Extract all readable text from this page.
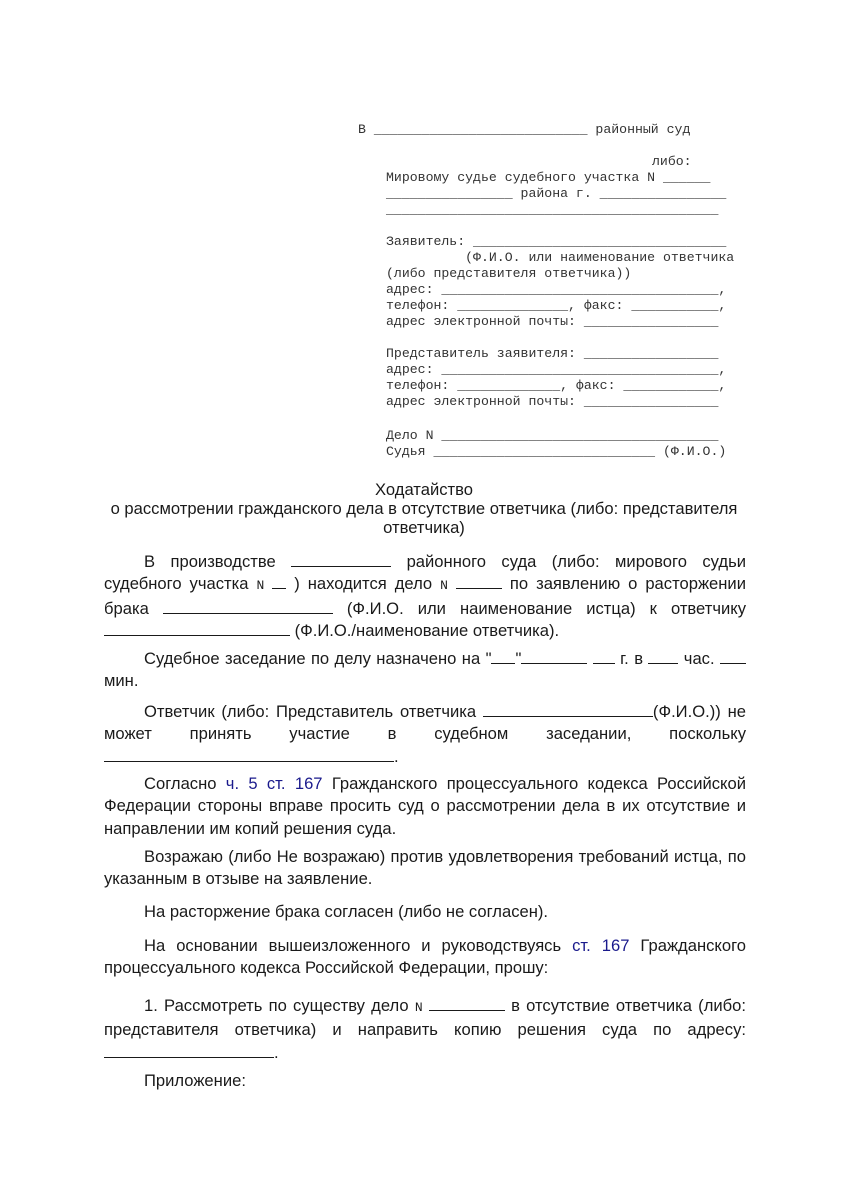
В ___________________________ районный суд
либо:
Мировому судье судебного участка N ______
________________ района г. ________________
__________________________________________
Заявитель: ________________________________
(Ф.И.О. или наименование ответчика
(либо представителя ответчика))
адрес: ___________________________________,
телефон: ______________, факс: ___________,
адрес электронной почты: _________________
Представитель заявителя: _________________
адрес: ___________________________________,
телефон: _____________, факс: ____________,
адрес электронной почты: _________________
Дело N ___________________________________
Судья ____________________________ (Ф.И.О.)
Ходатайство
о рассмотрении гражданского дела в отсутствие ответчика (либо: представителя
ответчика)

В производстве	районного суда (либо: мирового судьи судебного участка N  ) находится дело N	по заявлению о расторжении брака	(Ф.И.О. или наименование истца) к ответчику  (Ф.И.О./наименование ответчика).

Судебное заседание по делу назначено на " "	г. в  час.  мин.

Ответчик (либо: Представитель ответчика	(Ф.И.О.)) не может принять участие в судебном заседании, поскольку .

Согласно ч. 5 ст. 167 Гражданского процессуального кодекса Российской Федерации стороны вправе просить суд о рассмотрении дела в их отсутствие и направлении им копий решения суда.

Возражаю (либо Не возражаю) против удовлетворения требований истца, по указанным в отзыве на заявление.

На расторжение брака согласен (либо не согласен).

На основании вышеизложенного и руководствуясь ст. 167 Гражданского процессуального кодекса Российской Федерации, прошу:

1. Рассмотреть по существу дело N	в отсутствие ответчика (либо: представителя ответчика) и направить копию решения суда по адресу: .

Приложение:
